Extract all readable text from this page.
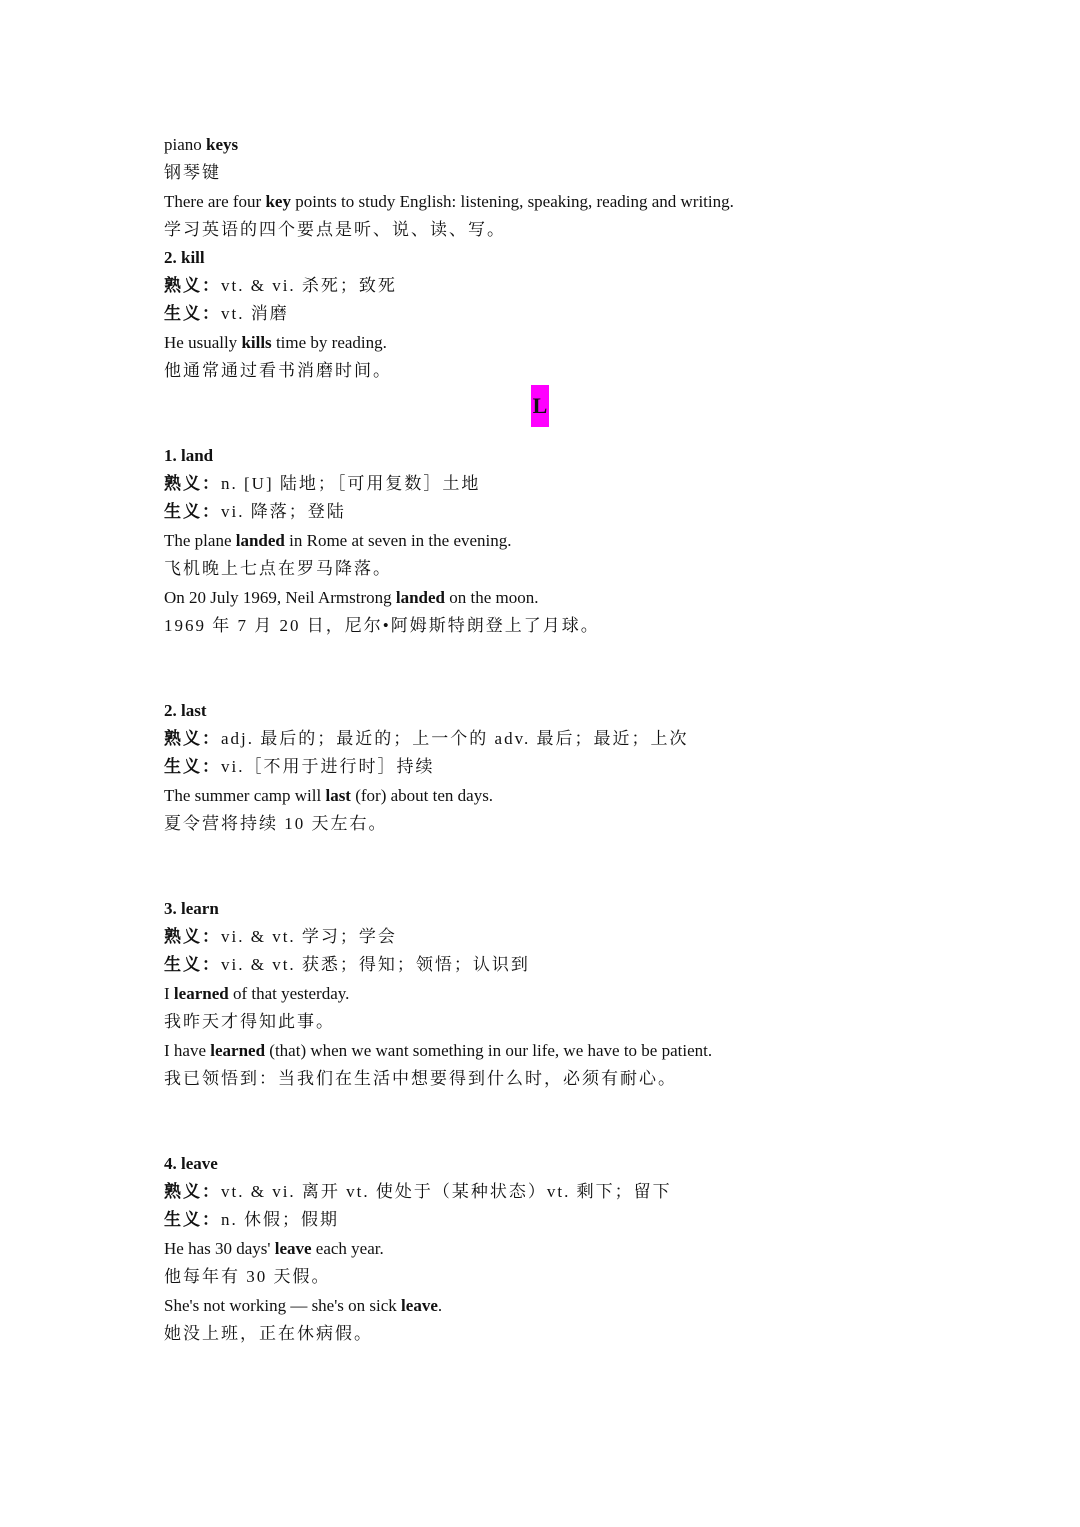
piano keys
钢琴键
There are four key points to study English: listening, speaking, reading and writing.
学习英语的四个要点是听、说、读、写。
2. kill
熟义：vt. & vi. 杀死；致死
生义：vt. 消磨
He usually kills time by reading.
他通常通过看书消磨时间。
L
1. land
熟义：n. [U] 陆地；［可用复数］土地
生义：vi. 降落；登陆
The plane landed in Rome at seven in the evening.
飞机晚上七点在罗马降落。
On 20 July 1969, Neil Armstrong landed on the moon.
1969 年 7 月 20 日，尼尔•阿姆斯特朗登上了月球。
2. last
熟义：adj. 最后的；最近的；上一个的 adv. 最后；最近；上次
生义：vi.［不用于进行时］持续
The summer camp will last (for) about ten days.
夏令营将持续 10 天左右。
3. learn
熟义：vi. & vt. 学习；学会
生义：vi. & vt. 获悉；得知；领悟；认识到
I learned of that yesterday.
我昨天才得知此事。
I have learned (that) when we want something in our life, we have to be patient.
我已领悟到：当我们在生活中想要得到什么时，必须有耐心。
4. leave
熟义：vt. & vi. 离开 vt. 使处于（某种状态）vt. 剩下；留下
生义：n. 休假；假期
He has 30 days' leave each year.
他每年有 30 天假。
She's not working — she's on sick leave.
她没上班，正在休病假。
